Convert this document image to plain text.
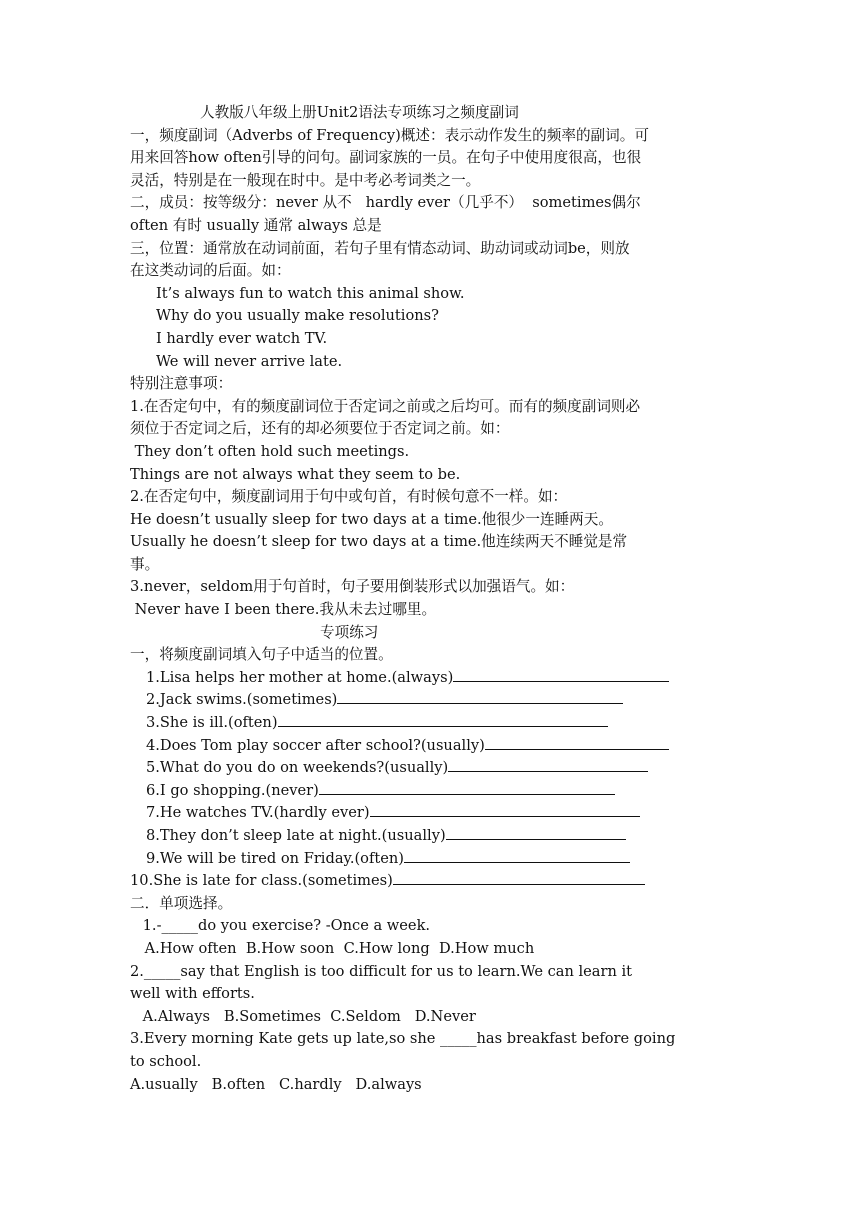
人教版八年级上册Unit2语法专项练习之频度副词
一，频度副词（Adverbs of Frequency)概述：表示动作发生的频率的副词。可
用来回答how often引导的问句。副词家族的一员。在句子中使用度很高，也很
灵活，特别是在一般现在时中。是中考必考词类之一。
二，成员：按等级分：never 从不   hardly ever（几乎不）  sometimes偶尔
often 有时 usually 通常 always 总是
三，位置：通常放在动词前面，若句子里有情态动词、助动词或动词be，则放
在这类动词的后面。如：
It’s always fun to watch this animal show.
Why do you usually make resolutions?
I hardly ever watch TV.
We will never arrive late.
特别注意事项：
1.在否定句中，有的频度副词位于否定词之前或之后均可。而有的频度副词则必
须位于否定词之后，还有的却必须要位于否定词之前。如：
They don’t often hold such meetings.
Things are not always what they seem to be.
2.在否定句中，频度副词用于句中或句首，有时候句意不一样。如：
He doesn’t usually sleep for two days at a time.他很少一连睡两天。
Usually he doesn’t sleep for two days at a time.他连续两天不睡觉是常
事。
3.never，seldom用于句首时，句子要用倒装形式以加强语气。如：
Never have I been there.我从未去过哪里。
专项练习
一，将频度副词填入句子中适当的位置。
1.Lisa helps her mother at home.(always)
2.Jack swims.(sometimes)
3.She is ill.(often)
4.Does Tom play soccer after school?(usually)
5.What do you do on weekends?(usually)
6.I go shopping.(never)
7.He watches TV.(hardly ever)
8.They don’t sleep late at night.(usually)
9.We will be tired on Friday.(often)
10.She is late for class.(sometimes)
二．单项选择。
1.-_____do you exercise? -Once a week.
A.How often  B.How soon  C.How long  D.How much
2._____say that English is too difficult for us to learn.We can learn it
well with efforts.
A.Always   B.Sometimes  C.Seldom   D.Never
3.Every morning Kate gets up late,so she _____has breakfast before going
to school.
A.usually   B.often   C.hardly   D.always
